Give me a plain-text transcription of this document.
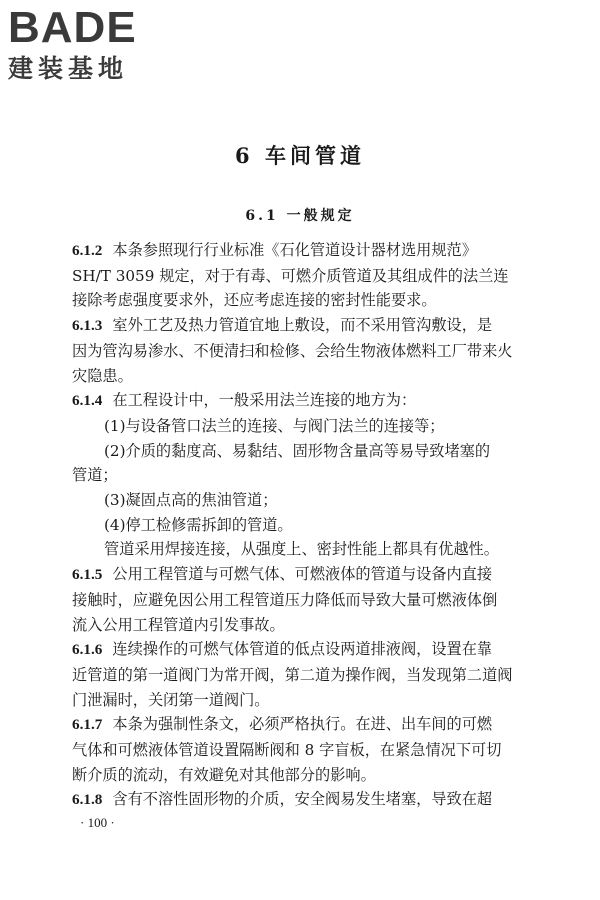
BADE
建装基地
6 车间管道
6.1 一般规定

6.1.2 本条参照现行行业标准《石化管道设计器材选用规范》

SH/T 3059 规定，对于有毒、可燃介质管道及其组成件的法兰连

接除考虑强度要求外，还应考虑连接的密封性能要求。

6.1.3 室外工艺及热力管道宜地上敷设，而不采用管沟敷设，是

因为管沟易渗水、不便清扫和检修、会给生物液体燃料工厂带来火

灾隐患。

6.1.4 在工程设计中，一般采用法兰连接的地方为：

(1)与设备管口法兰的连接、与阀门法兰的连接等；

(2)介质的黏度高、易黏结、固形物含量高等易导致堵塞的

管道；

(3)凝固点高的焦油管道；

(4)停工检修需拆卸的管道。

管道采用焊接连接，从强度上、密封性能上都具有优越性。

6.1.5 公用工程管道与可燃气体、可燃液体的管道与设备内直接

接触时，应避免因公用工程管道压力降低而导致大量可燃液体倒

流入公用工程管道内引发事故。

6.1.6 连续操作的可燃气体管道的低点设两道排液阀，设置在靠

近管道的第一道阀门为常开阀，第二道为操作阀，当发现第二道阀

门泄漏时，关闭第一道阀门。

6.1.7 本条为强制性条文，必须严格执行。在进、出车间的可燃

气体和可燃液体管道设置隔断阀和 8 字盲板，在紧急情况下可切

断介质的流动，有效避免对其他部分的影响。

6.1.8 含有不溶性固形物的介质，安全阀易发生堵塞，导致在超

· 100 ·
